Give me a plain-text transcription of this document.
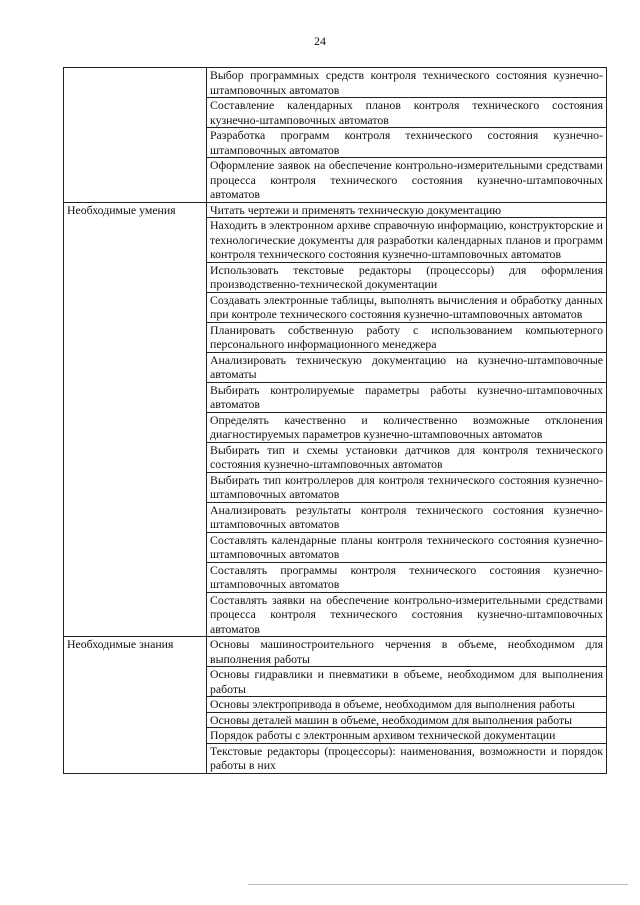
24
	Выбор программных средств контроля технического состояния кузнечно-штамповочных автоматов
	Составление календарных планов контроля технического состояния кузнечно-штамповочных автоматов
	Разработка программ контроля технического состояния кузнечно-штамповочных автоматов
	Оформление заявок на обеспечение контрольно-измерительными средствами процесса контроля технического состояния кузнечно-штамповочных автоматов
Необходимые умения	Читать чертежи и применять техническую документацию
	Находить в электронном архиве справочную информацию, конструкторские и технологические документы для разработки календарных планов и программ контроля технического состояния кузнечно-штамповочных автоматов
	Использовать текстовые редакторы (процессоры) для оформления производственно-технической документации
	Создавать электронные таблицы, выполнять вычисления и обработку данных при контроле технического состояния кузнечно-штамповочных автоматов
	Планировать собственную работу с использованием компьютерного персонального информационного менеджера
	Анализировать техническую документацию на кузнечно-штамповочные автоматы
	Выбирать контролируемые параметры работы кузнечно-штамповочных автоматов
	Определять качественно и количественно возможные отклонения диагностируемых параметров кузнечно-штамповочных автоматов
	Выбирать тип и схемы установки датчиков для контроля технического состояния кузнечно-штамповочных автоматов
	Выбирать тип контроллеров для контроля технического состояния кузнечно-штамповочных автоматов
	Анализировать результаты контроля технического состояния кузнечно-штамповочных автоматов
	Составлять календарные планы контроля технического состояния кузнечно-штамповочных автоматов
	Составлять программы контроля технического состояния кузнечно-штамповочных автоматов
	Составлять заявки на обеспечение контрольно-измерительными средствами процесса контроля технического состояния кузнечно-штамповочных автоматов
Необходимые знания	Основы машиностроительного черчения в объеме, необходимом для выполнения работы
	Основы гидравлики и пневматики в объеме, необходимом для выполнения работы
	Основы электропривода в объеме, необходимом для выполнения работы
	Основы деталей машин в объеме, необходимом для выполнения работы
	Порядок работы с электронным архивом технической документации
	Текстовые редакторы (процессоры): наименования, возможности и порядок работы в них
